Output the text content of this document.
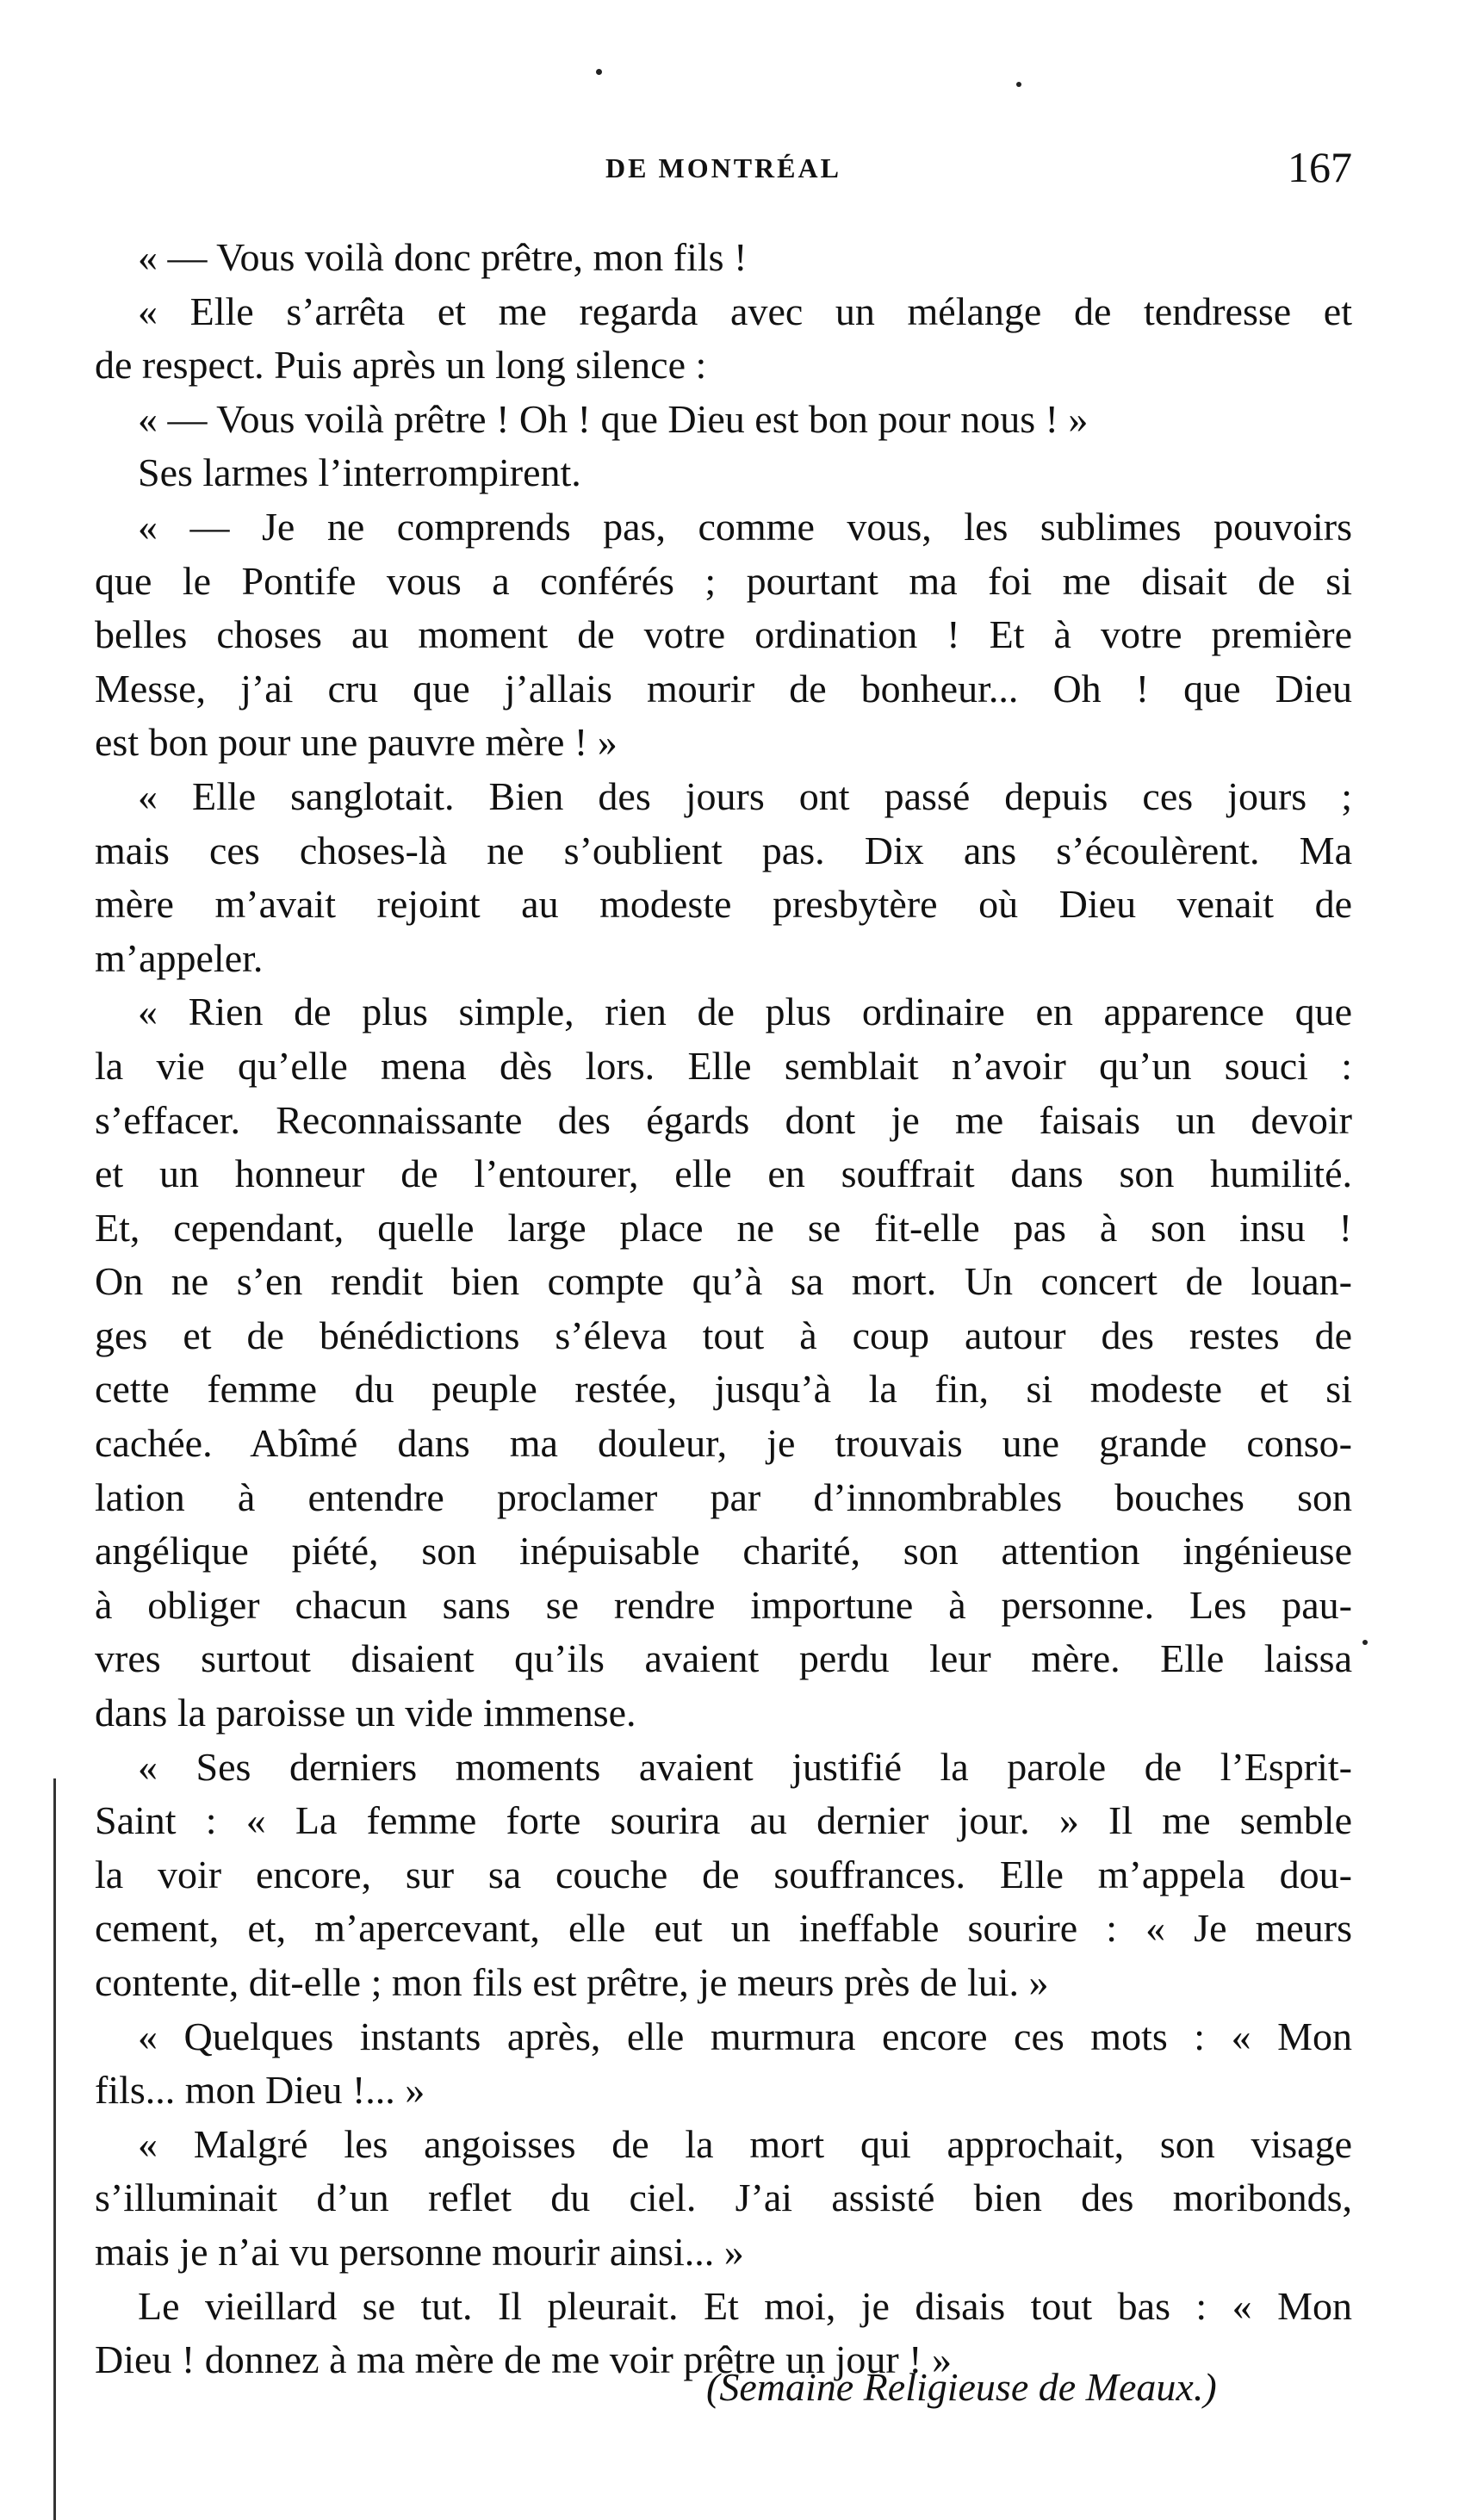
DE MONTRÉAL	167
« — Vous voilà donc prêtre, mon fils !
« Elle s’arrêta et me regarda avec un mélange de tendresse et
de respect. Puis après un long silence :
« — Vous voilà prêtre ! Oh ! que Dieu est bon pour nous ! »
Ses larmes l’interrompirent.
« — Je ne comprends pas, comme vous, les sublimes pouvoirs
que le Pontife vous a conférés ; pourtant ma foi me disait de si
belles choses au moment de votre ordination ! Et à votre première
Messe, j’ai cru que j’allais mourir de bonheur... Oh ! que Dieu
est bon pour une pauvre mère ! »
« Elle sanglotait. Bien des jours ont passé depuis ces jours ;
mais ces choses-là ne s’oublient pas. Dix ans s’écoulèrent. Ma
mère m’avait rejoint au modeste presbytère où Dieu venait de
m’appeler.
« Rien de plus simple, rien de plus ordinaire en apparence que
la vie qu’elle mena dès lors. Elle semblait n’avoir qu’un souci :
s’effacer. Reconnaissante des égards dont je me faisais un devoir
et un honneur de l’entourer, elle en souffrait dans son humilité.
Et, cependant, quelle large place ne se fit-elle pas à son insu !
On ne s’en rendit bien compte qu’à sa mort. Un concert de louan-
ges et de bénédictions s’éleva tout à coup autour des restes de
cette femme du peuple restée, jusqu’à la fin, si modeste et si
cachée. Abîmé dans ma douleur, je trouvais une grande conso-
lation à entendre proclamer par d’innombrables bouches son
angélique piété, son inépuisable charité, son attention ingénieuse
à obliger chacun sans se rendre importune à personne. Les pau-
vres surtout disaient qu’ils avaient perdu leur mère. Elle laissa
dans la paroisse un vide immense.
« Ses derniers moments avaient justifié la parole de l’Esprit-
Saint : « La femme forte sourira au dernier jour. » Il me semble
la voir encore, sur sa couche de souffrances. Elle m’appela dou-
cement, et, m’apercevant, elle eut un ineffable sourire : « Je meurs
contente, dit-elle ; mon fils est prêtre, je meurs près de lui. »
« Quelques instants après, elle murmura encore ces mots : « Mon
fils... mon Dieu !... »
« Malgré les angoisses de la mort qui approchait, son visage
s’illuminait d’un reflet du ciel. J’ai assisté bien des moribonds,
mais je n’ai vu personne mourir ainsi... »
Le vieillard se tut. Il pleurait. Et moi, je disais tout bas : « Mon
Dieu ! donnez à ma mère de me voir prêtre un jour ! »
(Semaine Religieuse de Meaux.)
